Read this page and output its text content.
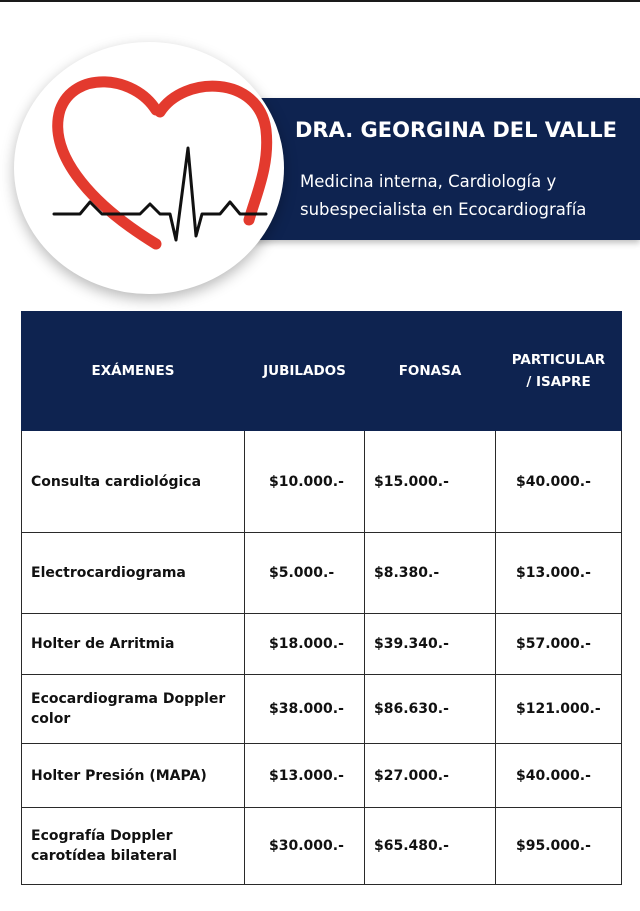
DRA. GEORGINA DEL VALLE
Medicina interna, Cardiología y
subespecialista en Ecocardiografía
EXÁMENES	JUBILADOS	FONASA	PARTICULAR
/ ISAPRE

Consulta cardiológica	$10.000.-	$15.000.-	$40.000.-

Electrocardiograma	$5.000.-	$8.380.-	$13.000.-

Holter de Arritmia	$18.000.-	$39.340.-	$57.000.-

Ecocardiograma Doppler
color	$38.000.-	$86.630.-	$121.000.-

Holter Presión (MAPA)	$13.000.-	$27.000.-	$40.000.-

Ecografía Doppler
carotídea bilateral	$30.000.-	$65.480.-	$95.000.-
